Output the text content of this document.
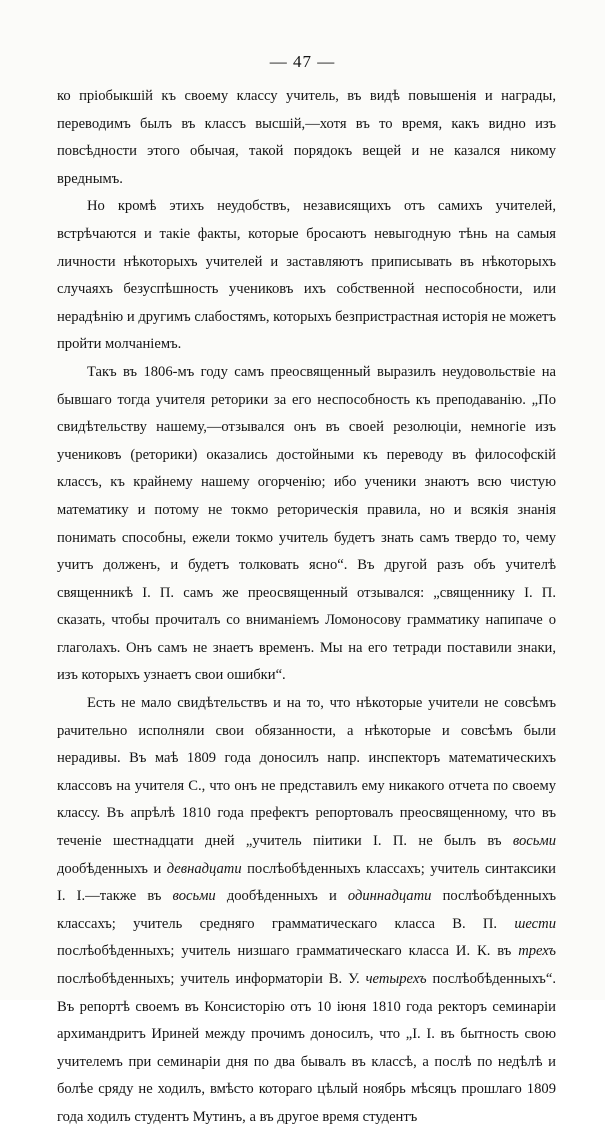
— 47 —

ко пріобыкшій къ своему классу учитель, въ видѣ повышенія и награды, переводимъ былъ въ классъ высшій,—хотя въ то время, какъ видно изъ повсѣдности этого обычая, такой порядокъ вещей и не казался никому вреднымъ.

Но кромѣ этихъ неудобствъ, независящихъ отъ самихъ учителей, встрѣчаются и такіе факты, которые бросаютъ невыгодную тѣнь на самыя личности нѣкоторыхъ учителей и заставляютъ приписывать въ нѣкоторыхъ случаяхъ безуспѣшность учениковъ ихъ собственной неспособности, или нерадѣнію и другимъ слабостямъ, которыхъ безпристрастная исторія не можетъ пройти молчаніемъ.

Такъ въ 1806-мъ году самъ преосвященный выразилъ неудовольствіе на бывшаго тогда учителя реторики за его неспособность къ преподаванію. „По свидѣтельству нашему,—отзывался онъ въ своей резолюціи, немногіе изъ учениковъ (реторики) оказались достойными къ переводу въ философскій классъ, къ крайнему нашему огорченію; ибо ученики знаютъ всю чистую математику и потому не токмо реторическія правила, но и всякія знанія понимать способны, ежели токмо учитель будетъ знать самъ твердо то, чему учитъ долженъ, и будетъ толковать ясно“. Въ другой разъ объ учителѣ священникѣ І. П. самъ же преосвященный отзывался: „священнику І. П. сказать, чтобы прочиталъ со вниманіемъ Ломоносову грамматику напипаче о глаголахъ. Онъ самъ не знаетъ временъ. Мы на его тетради поставили знаки, изъ которыхъ узнаетъ свои ошибки“.

Есть не мало свидѣтельствъ и на то, что нѣкоторые учители не совсѣмъ рачительно исполняли свои обязанности, а нѣкоторые и совсѣмъ были нерадивы. Въ маѣ 1809 года доносилъ напр. инспекторъ математическихъ классовъ на учителя С., что онъ не представилъ ему никакого отчета по своему классу. Въ апрѣлѣ 1810 года префектъ репортовалъ преосвященному, что въ теченіе шестнадцати дней „учитель піитики І. П. не былъ въ восьми дообѣденныхъ и девнадцати послѣобѣденныхъ классахъ; учитель синтаксики І. І.—также въ восьми дообѣденныхъ и одиннадцати послѣобѣденныхъ классахъ; учитель средняго грамматическаго класса В. П. шести послѣобѣденныхъ; учитель низшаго грамматическаго класса И. К. въ трехъ послѣобѣденныхъ; учитель информаторіи В. У. четырехъ послѣобѣденныхъ“. Въ репортѣ своемъ въ Консисторію отъ 10 іюня 1810 года ректоръ семинаріи архимандритъ Ириней между прочимъ доносилъ, что „І. І. въ бытность свою учителемъ при семинаріи дня по два бывалъ въ классѣ, а послѣ по недѣлѣ и болѣе сряду не ходилъ, вмѣсто котораго цѣлый ноябрь мѣсяцъ прошлаго 1809 года ходилъ студентъ Мутинъ, а въ другое время студентъ
